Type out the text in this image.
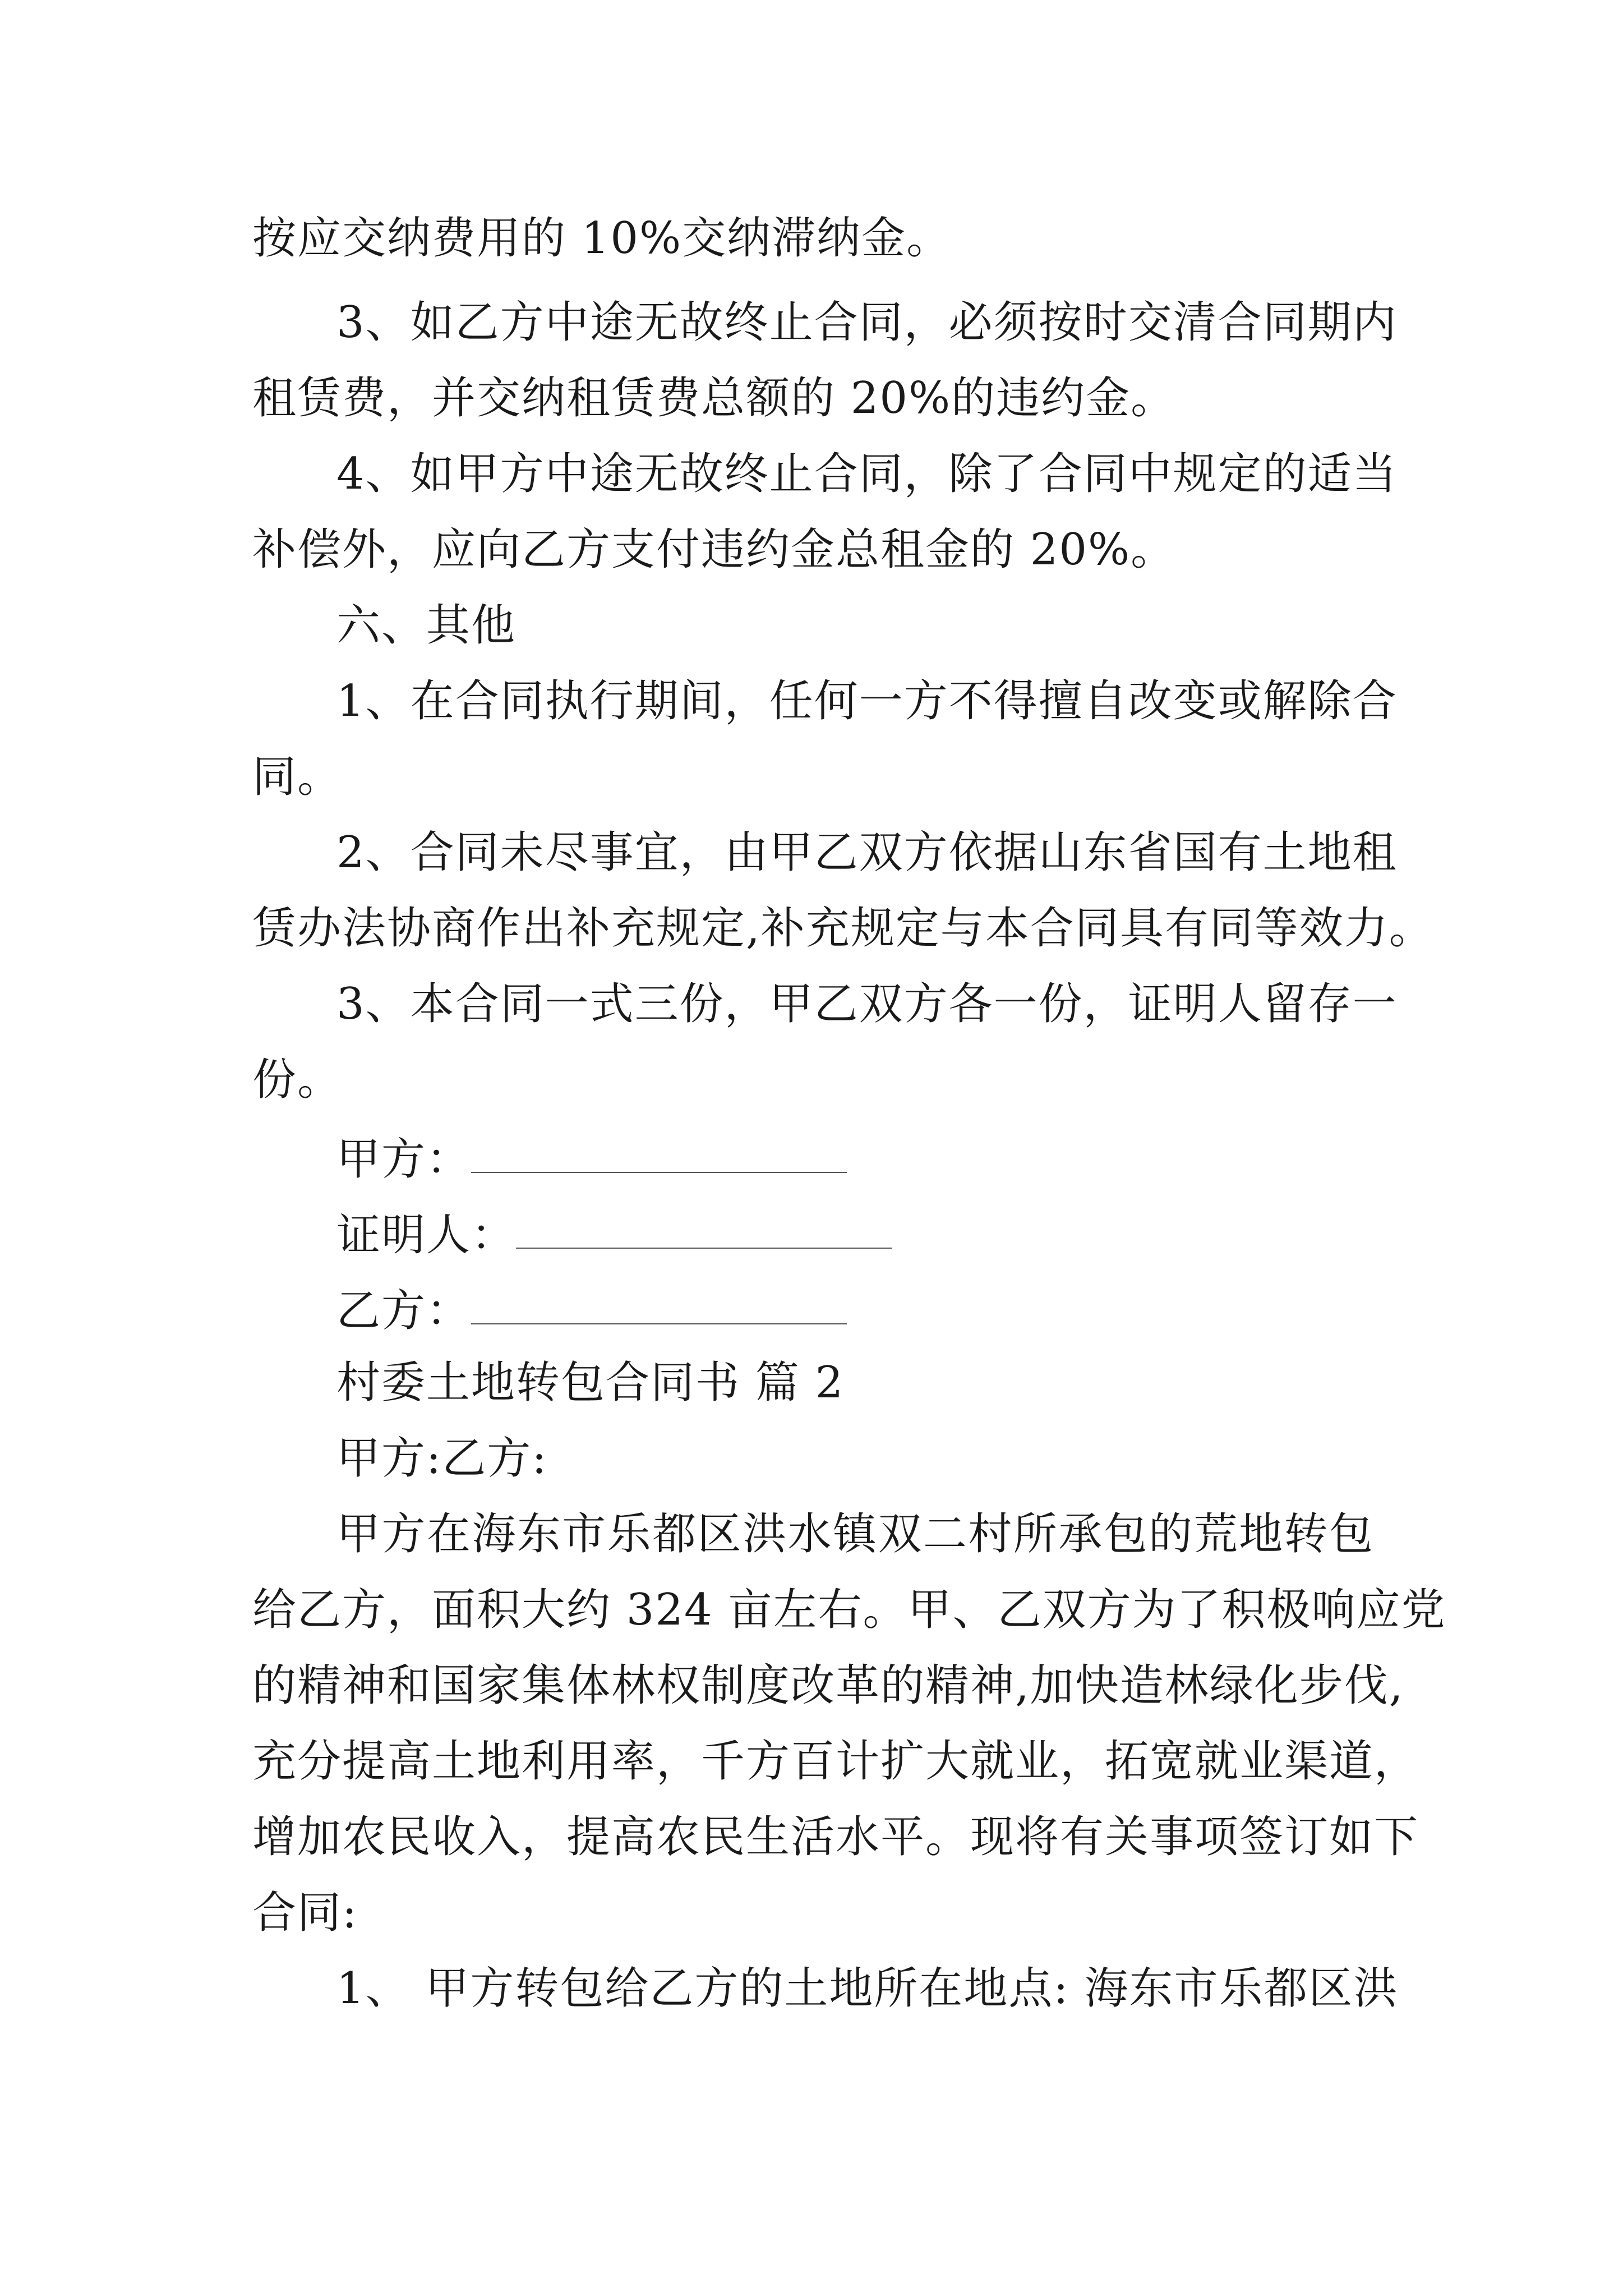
按应交纳费用的 10%交纳滞纳金。
3、如乙方中途无故终止合同，必须按时交清合同期内
租赁费，并交纳租赁费总额的 20%的违约金。
4、如甲方中途无故终止合同，除了合同中规定的适当
补偿外，应向乙方支付违约金总租金的 20%。
六、其他
1、在合同执行期间，任何一方不得擅自改变或解除合
同。
2、合同未尽事宜，由甲乙双方依据山东省国有土地租
赁办法协商作出补充规定,补充规定与本合同具有同等效力。
3、本合同一式三份，甲乙双方各一份，证明人留存一
份。
甲方：
证明人：
乙方：
村委土地转包合同书 篇 2
甲方:乙方:
甲方在海东市乐都区洪水镇双二村所承包的荒地转包
给乙方，面积大约 324 亩左右。甲、乙双方为了积极响应党
的精神和国家集体林权制度改革的精神,加快造林绿化步伐,
充分提高土地利用率，千方百计扩大就业，拓宽就业渠道，
增加农民收入，提高农民生活水平。现将有关事项签订如下
合同:
1、 甲方转包给乙方的土地所在地点: 海东市乐都区洪
